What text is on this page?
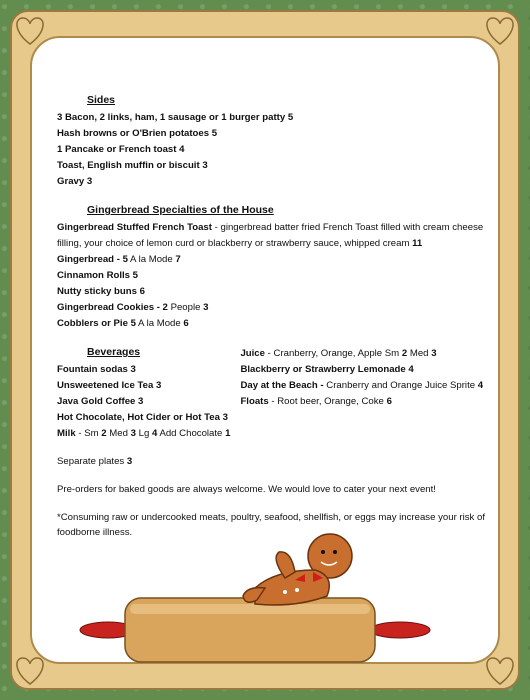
Sides
3 Bacon, 2 links, ham, 1 sausage or 1 burger patty 5
Hash browns or O'Brien potatoes 5
1 Pancake or French toast 4
Toast, English muffin or biscuit 3
Gravy 3
Gingerbread Specialties of the House
Gingerbread Stuffed French Toast - gingerbread batter fried French Toast filled with cream cheese filling, your choice of lemon curd or blackberry or strawberry sauce, whipped cream 11
Gingerbread - 5 A la Mode 7
Cinnamon Rolls 5
Nutty sticky buns 6
Gingerbread Cookies - 2 People 3
Cobblers or Pie 5 A la Mode 6
Beverages
Fountain sodas 3
Unsweetened Ice Tea 3
Java Gold Coffee 3
Hot Chocolate, Hot Cider or Hot Tea 3
Milk - Sm 2 Med 3 Lg 4 Add Chocolate 1
Juice - Cranberry, Orange, Apple Sm 2 Med 3
Blackberry or Strawberry Lemonade 4
Day at the Beach - Cranberry and Orange Juice Sprite 4
Floats - Root beer, Orange, Coke 6
Separate plates 3
Pre-orders for baked goods are always welcome. We would love to cater your next event!
*Consuming raw or undercooked meats, poultry, seafood, shellfish, or eggs may increase your risk of foodborne illness.
